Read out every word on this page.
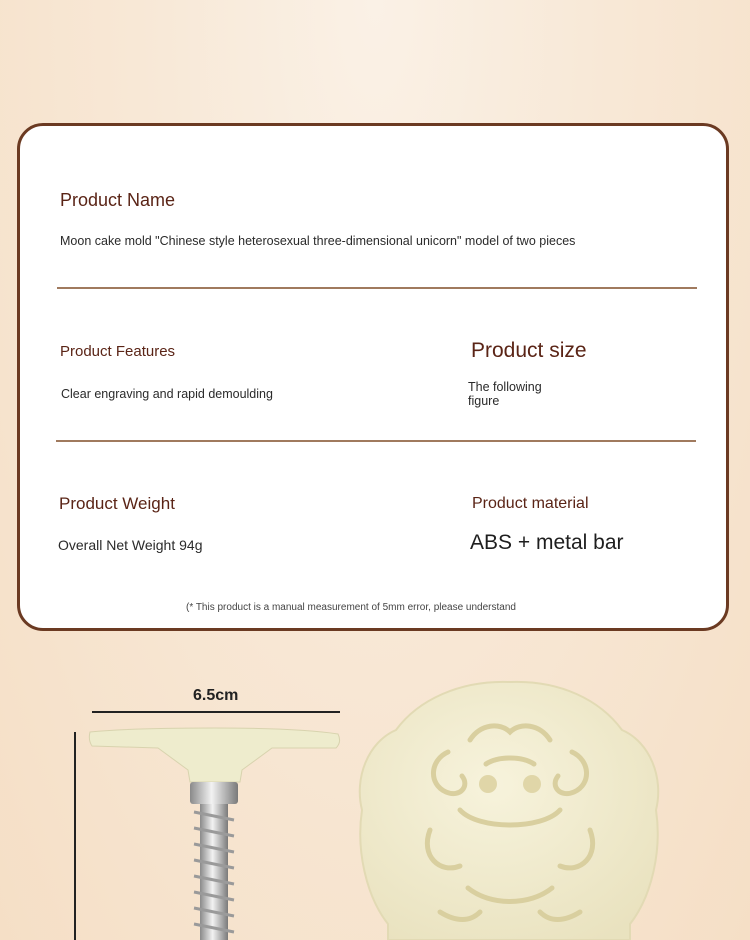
Product Name
Moon cake mold "Chinese style heterosexual three-dimensional unicorn" model of two pieces
Product Features
Clear engraving and rapid demoulding
Product size
The following
figure
Product Weight
Overall Net Weight 94g
Product material
ABS + metal bar
(* This product is a manual measurement of 5mm error, please understand
6.5cm
